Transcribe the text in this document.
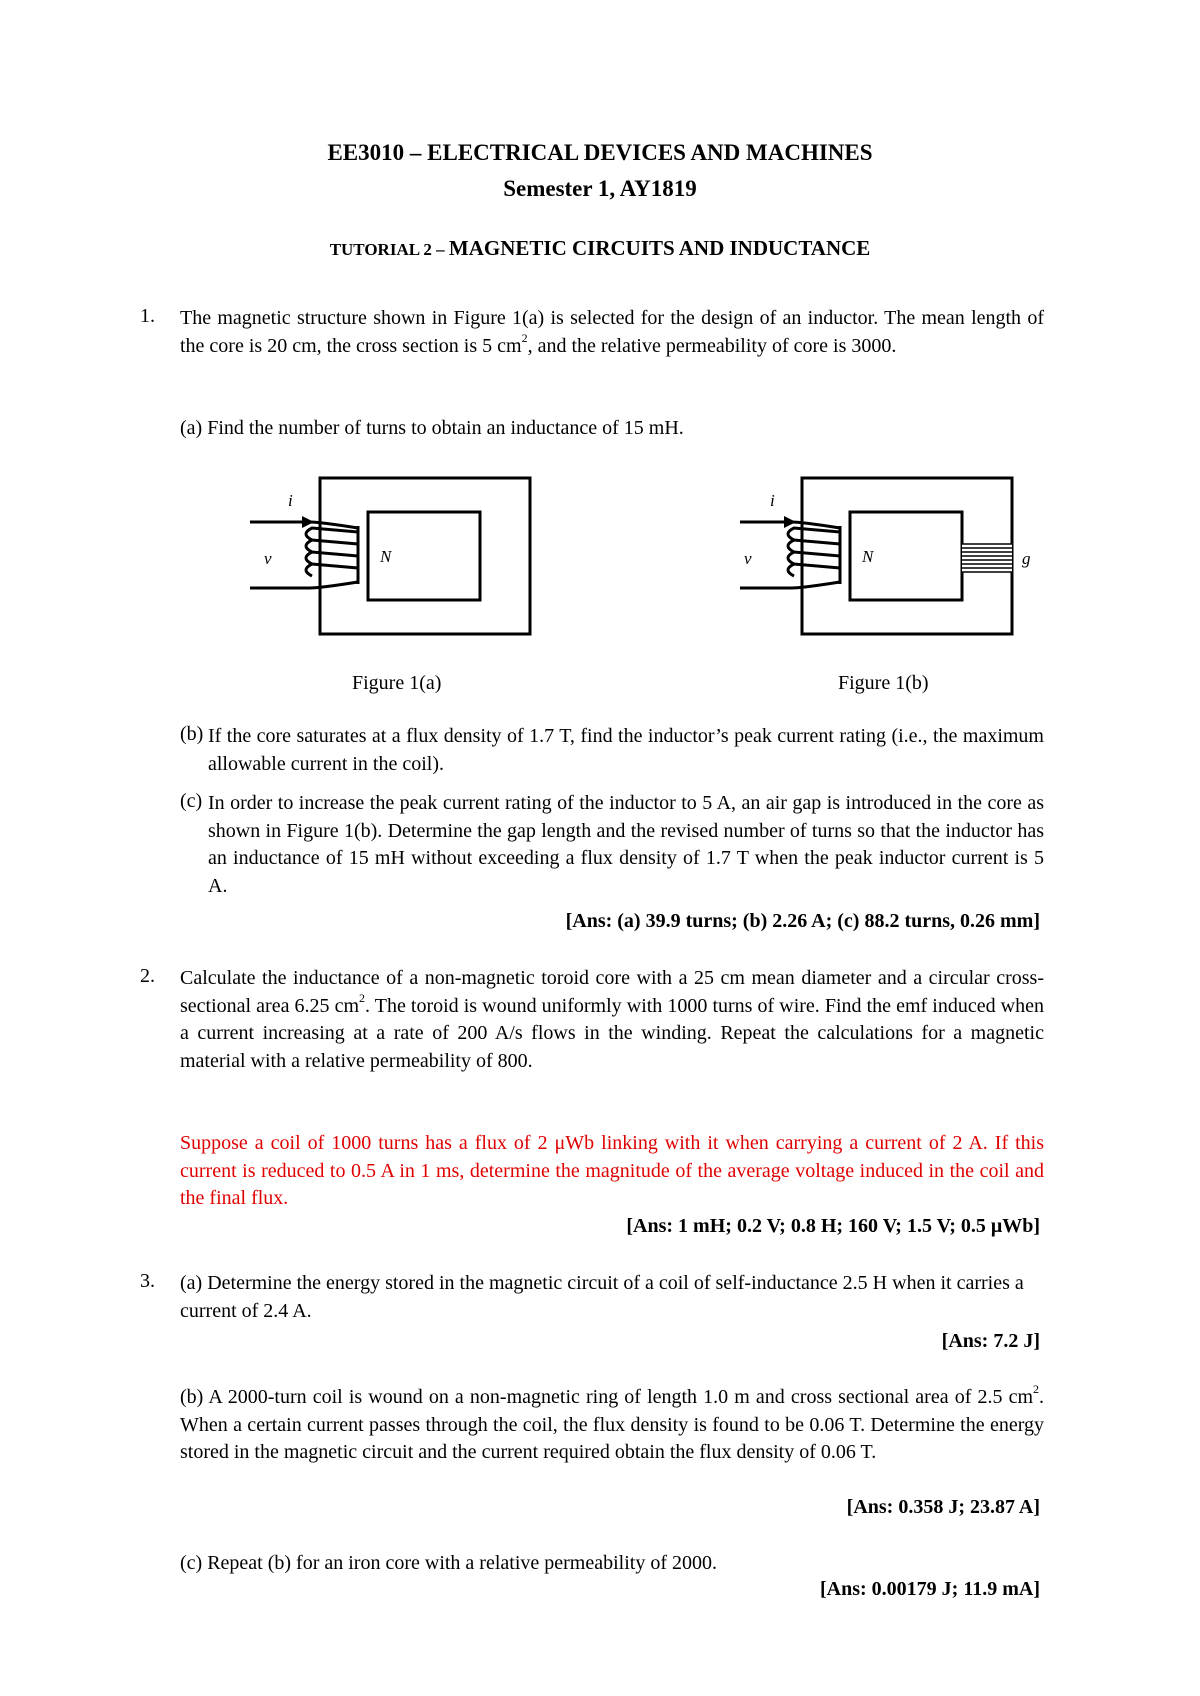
EE3010 – ELECTRICAL DEVICES AND MACHINES
Semester 1, AY1819
TUTORIAL 2 – MAGNETIC CIRCUITS AND INDUCTANCE
1. The magnetic structure shown in Figure 1(a) is selected for the design of an inductor. The mean length of the core is 20 cm, the cross section is 5 $cm^2$, and the relative permeability of core is 3000.
(a) Find the number of turns to obtain an inductance of 15 mH.
i
v	N
Figure 1(a)
i
v	N	g
Figure 1(b)
(b) If the core saturates at a flux density of 1.7 T, find the inductor’s peak current rating (i.e., the maximum allowable current in the coil).
(c) In order to increase the peak current rating of the inductor to 5 A, an air gap is introduced in the core as shown in Figure 1(b). Determine the gap length and the revised number of turns so that the inductor has an inductance of 15 mH without exceeding a flux density of 1.7 T when the peak inductor current is 5 A.
[Ans: (a) 39.9 turns; (b) 2.26 A; (c) 88.2 turns, 0.26 mm]
2. Calculate the inductance of a non-magnetic toroid core with a 25 cm mean diameter and a circular cross-sectional area 6.25 $cm^2$. The toroid is wound uniformly with 1000 turns of wire. Find the emf induced when a current increasing at a rate of 200 A/s flows in the winding. Repeat the calculations for a magnetic material with a relative permeability of 800.
Suppose a coil of 1000 turns has a flux of 2 μWb linking with it when carrying a current of 2 A. If this current is reduced to 0.5 A in 1 ms, determine the magnitude of the average voltage induced in the coil and the final flux.
[Ans: 1 mH; 0.2 V; 0.8 H; 160 V; 1.5 V; 0.5 μWb]
3. (a) Determine the energy stored in the magnetic circuit of a coil of self-inductance 2.5 H when it carries a current of 2.4 A.
[Ans: 7.2 J]
(b) A 2000-turn coil is wound on a non-magnetic ring of length 1.0 m and cross sectional area of 2.5 $cm^2$. When a certain current passes through the coil, the flux density is found to be 0.06 T. Determine the energy stored in the magnetic circuit and the current required obtain the flux density of 0.06 T.
[Ans: 0.358 J; 23.87 A]
(c) Repeat (b) for an iron core with a relative permeability of 2000.
[Ans: 0.00179 J; 11.9 mA]
